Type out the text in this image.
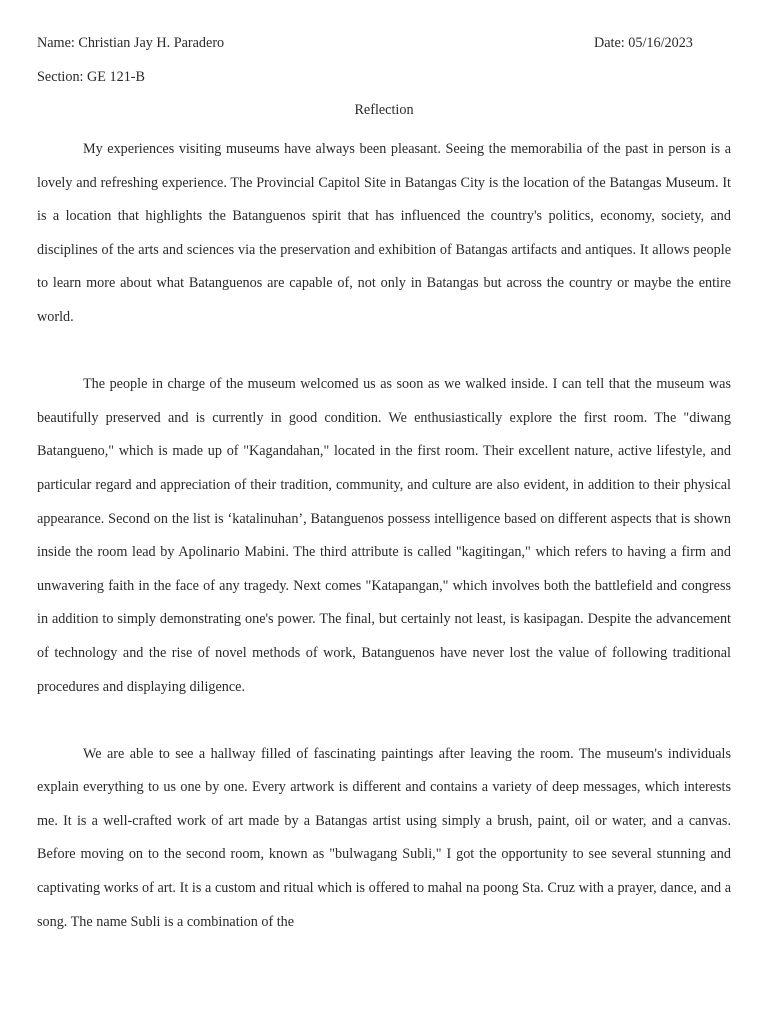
Name: Christian Jay H. Paradero	Date: 05/16/2023
Section: GE 121-B
Reflection

My experiences visiting museums have always been pleasant. Seeing the memorabilia of the past in person is a lovely and refreshing experience. The Provincial Capitol Site in Batangas City is the location of the Batangas Museum. It is a location that highlights the Batanguenos spirit that has influenced the country's politics, economy, society, and disciplines of the arts and sciences via the preservation and exhibition of Batangas artifacts and antiques. It allows people to learn more about what Batanguenos are capable of, not only in Batangas but across the country or maybe the entire world.

The people in charge of the museum welcomed us as soon as we walked inside. I can tell that the museum was beautifully preserved and is currently in good condition. We enthusiastically explore the first room. The "diwang Batangueno," which is made up of "Kagandahan," located in the first room. Their excellent nature, active lifestyle, and particular regard and appreciation of their tradition, community, and culture are also evident, in addition to their physical appearance. Second on the list is ‘katalinuhan’, Batanguenos possess intelligence based on different aspects that is shown inside the room lead by Apolinario Mabini. The third attribute is called "kagitingan," which refers to having a firm and unwavering faith in the face of any tragedy. Next comes "Katapangan," which involves both the battlefield and congress in addition to simply demonstrating one's power. The final, but certainly not least, is kasipagan. Despite the advancement of technology and the rise of novel methods of work, Batanguenos have never lost the value of following traditional procedures and displaying diligence.

We are able to see a hallway filled of fascinating paintings after leaving the room. The museum's individuals explain everything to us one by one. Every artwork is different and contains a variety of deep messages, which interests me. It is a well-crafted work of art made by a Batangas artist using simply a brush, paint, oil or water, and a canvas. Before moving on to the second room, known as "bulwagang Subli," I got the opportunity to see several stunning and captivating works of art. It is a custom and ritual which is offered to mahal na poong Sta. Cruz with a prayer, dance, and a song. The name Subli is a combination of the
